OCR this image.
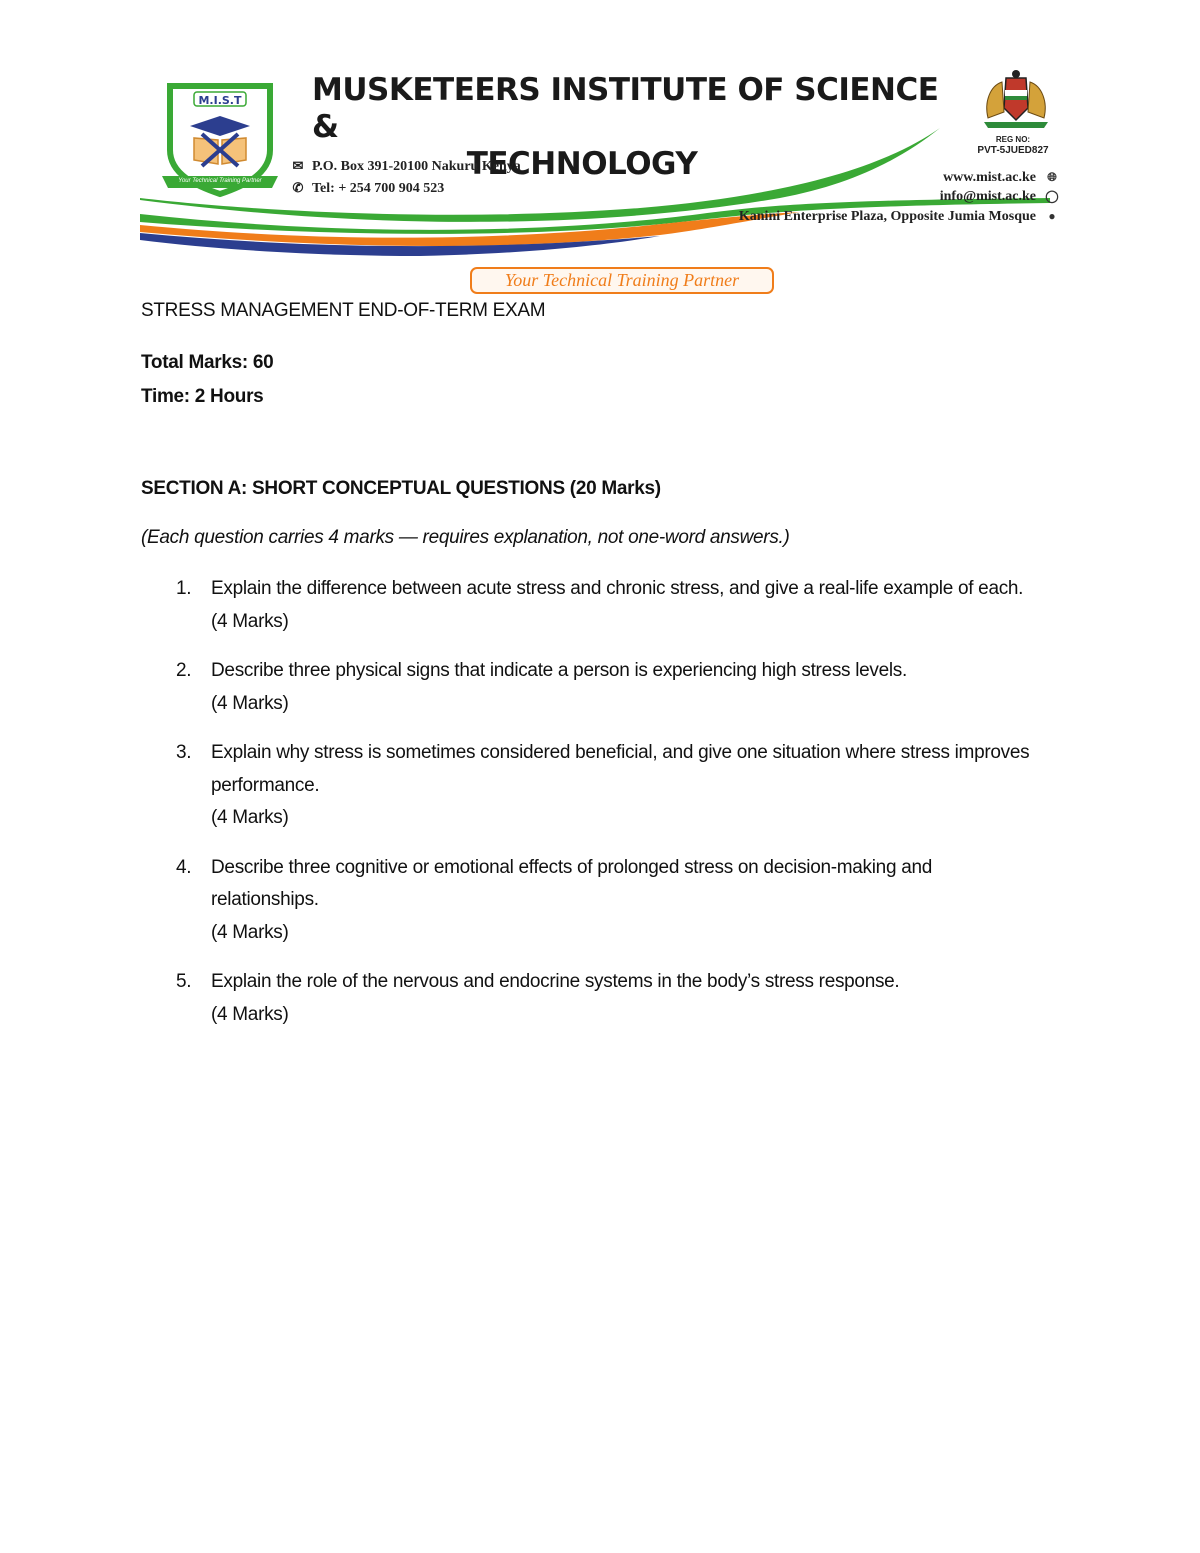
M.I.S.T
Your Technical Training Partner
MUSKETEERS INSTITUTE OF SCIENCE &
TECHNOLOGY
✉ P.O. Box 391-20100 Nakuru Kenya
✆ Tel: + 254 700 904 523
REG NO:
PVT-5JUED827
www.mist.ac.ke 🌐︎
info@mist.ac.ke ◯
Kanini Enterprise Plaza, Opposite Jumia Mosque ●
Your Technical Training Partner
STRESS MANAGEMENT END-OF-TERM EXAM
Total Marks: 60
Time: 2 Hours
SECTION A: SHORT CONCEPTUAL QUESTIONS (20 Marks)
(Each question carries 4 marks — requires explanation, not one-word answers.)
1. Explain the difference between acute stress and chronic stress, and give a real-life example of each.
(4 Marks)
2. Describe three physical signs that indicate a person is experiencing high stress levels.
(4 Marks)
3. Explain why stress is sometimes considered beneficial, and give one situation where stress improves performance.
(4 Marks)
4. Describe three cognitive or emotional effects of prolonged stress on decision-making and relationships.
(4 Marks)
5. Explain the role of the nervous and endocrine systems in the body’s stress response.
(4 Marks)
